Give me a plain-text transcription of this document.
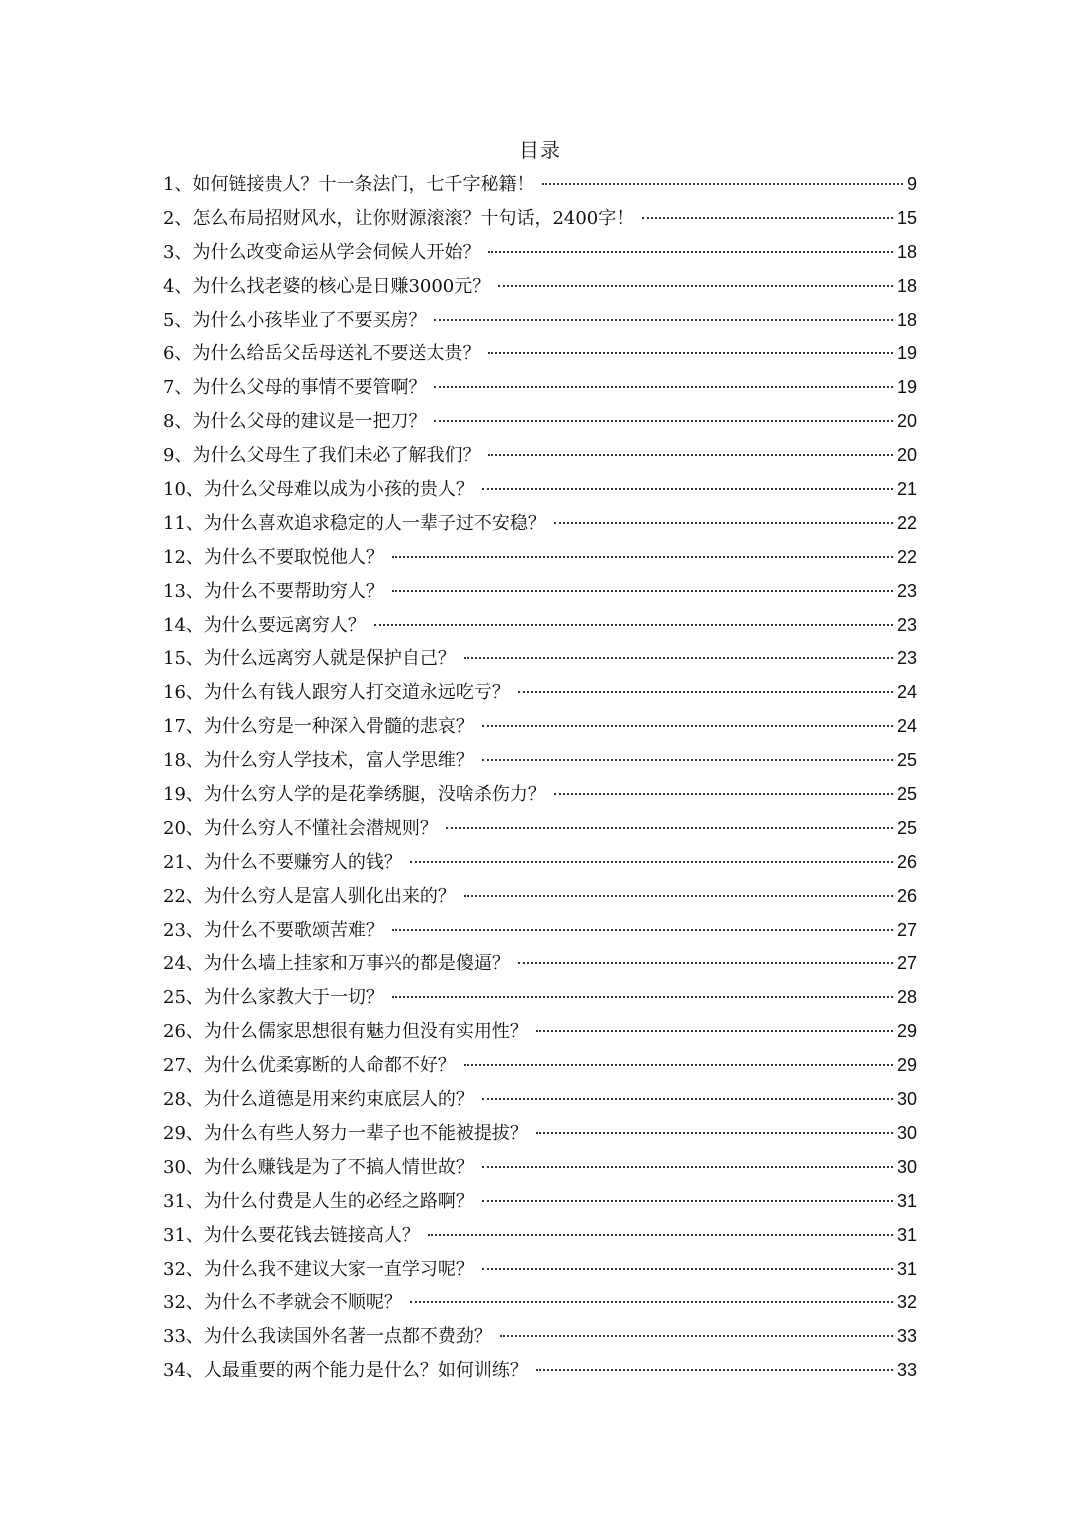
目录
1、如何链接贵人？十一条法门，七千字秘籍！	9
2、怎么布局招财风水，让你财源滚滚？十句话，2400字！	15
3、为什么改变命运从学会伺候人开始？	18
4、为什么找老婆的核心是日赚3000元？	18
5、为什么小孩毕业了不要买房？	18
6、为什么给岳父岳母送礼不要送太贵？	19
7、为什么父母的事情不要管啊？	19
8、为什么父母的建议是一把刀？	20
9、为什么父母生了我们未必了解我们？	20
10、为什么父母难以成为小孩的贵人？	21
11、为什么喜欢追求稳定的人一辈子过不安稳？	22
12、为什么不要取悦他人？	22
13、为什么不要帮助穷人？	23
14、为什么要远离穷人？	23
15、为什么远离穷人就是保护自己？	23
16、为什么有钱人跟穷人打交道永远吃亏？	24
17、为什么穷是一种深入骨髓的悲哀？	24
18、为什么穷人学技术，富人学思维？	25
19、为什么穷人学的是花拳绣腿，没啥杀伤力？	25
20、为什么穷人不懂社会潜规则？	25
21、为什么不要赚穷人的钱？	26
22、为什么穷人是富人驯化出来的？	26
23、为什么不要歌颂苦难？	27
24、为什么墙上挂家和万事兴的都是傻逼？	27
25、为什么家教大于一切？	28
26、为什么儒家思想很有魅力但没有实用性？	29
27、为什么优柔寡断的人命都不好？	29
28、为什么道德是用来约束底层人的？	30
29、为什么有些人努力一辈子也不能被提拔？	30
30、为什么赚钱是为了不搞人情世故？	30
31、为什么付费是人生的必经之路啊？	31
31、为什么要花钱去链接高人？	31
32、为什么我不建议大家一直学习呢？	31
32、为什么不孝就会不顺呢？	32
33、为什么我读国外名著一点都不费劲？	33
34、人最重要的两个能力是什么？如何训练？	33
